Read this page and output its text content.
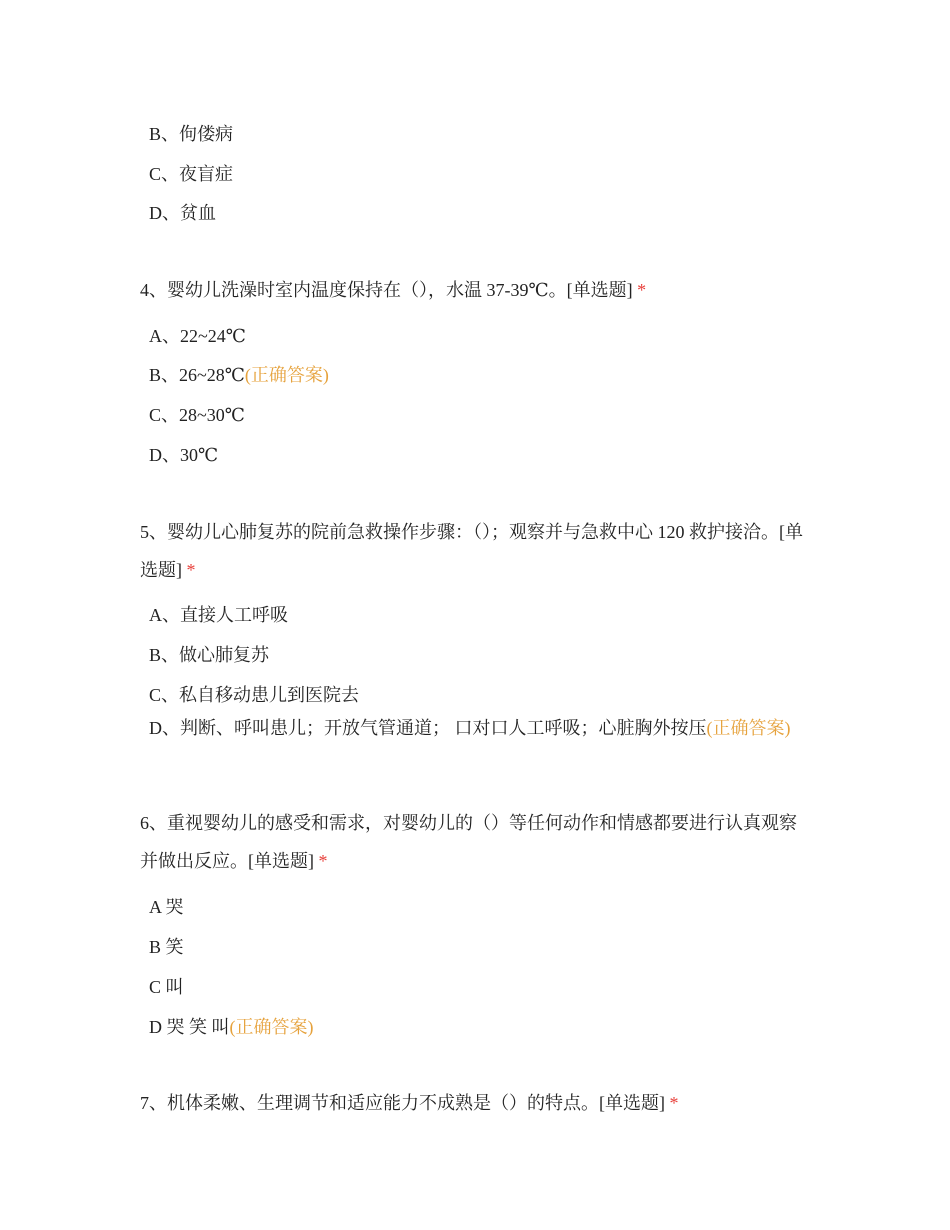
B、佝偻病
C、夜盲症
D、贫血
4、婴幼儿洗澡时室内温度保持在（），水温 37-39℃。[单选题] *
A、22~24℃
B、26~28℃(正确答案)
C、28~30℃
D、30℃
5、婴幼儿心肺复苏的院前急救操作步骤：（）；观察并与急救中心 120 救护接洽。[单选题] *
A、直接人工呼吸
B、做心肺复苏
C、私自移动患儿到医院去
D、判断、呼叫患儿；开放气管通道； 口对口人工呼吸；心脏胸外按压(正确答案)
6、重视婴幼儿的感受和需求，对婴幼儿的（）等任何动作和情感都要进行认真观察并做出反应。[单选题] *
A 哭
B 笑
C 叫
D 哭 笑 叫(正确答案)
7、机体柔嫩、生理调节和适应能力不成熟是（）的特点。[单选题] *
